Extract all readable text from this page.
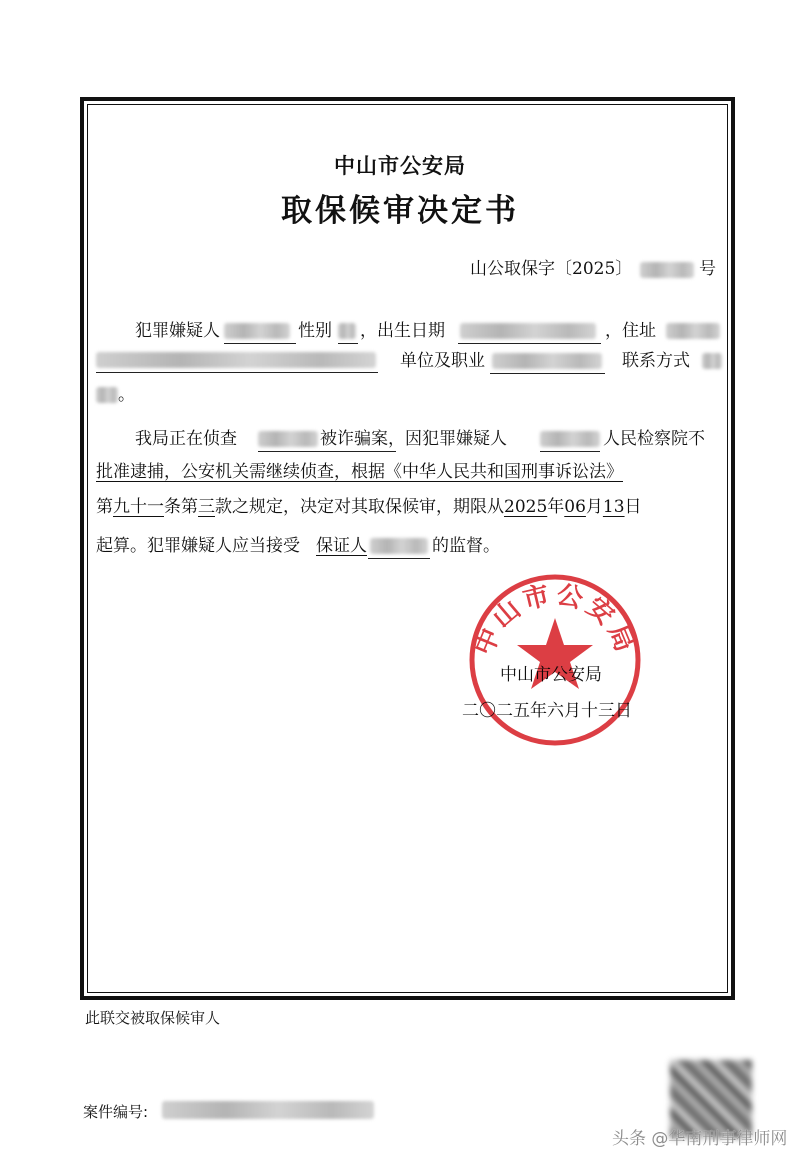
中山市公安局
取保候审决定书
山公取保字〔2025〕	号
犯罪嫌疑人	性别 ，出生日期	，住址
单位及职业	联系方式
。
我局正在侦查	被诈骗案，因犯罪嫌疑人	人民检察院不
批准逮捕，公安机关需继续侦查，根据《中华人民共和国刑事诉讼法》
第九十一条第三款之规定，决定对其取保候审，期限从2025年06月13日
起算。犯罪嫌疑人应当接受 保证人	的监督。
中山市公安局
二〇二五年六月十三日
中山市公安局
此联交被取保候审人
案件编号:
头条 @华南刑事律师网
